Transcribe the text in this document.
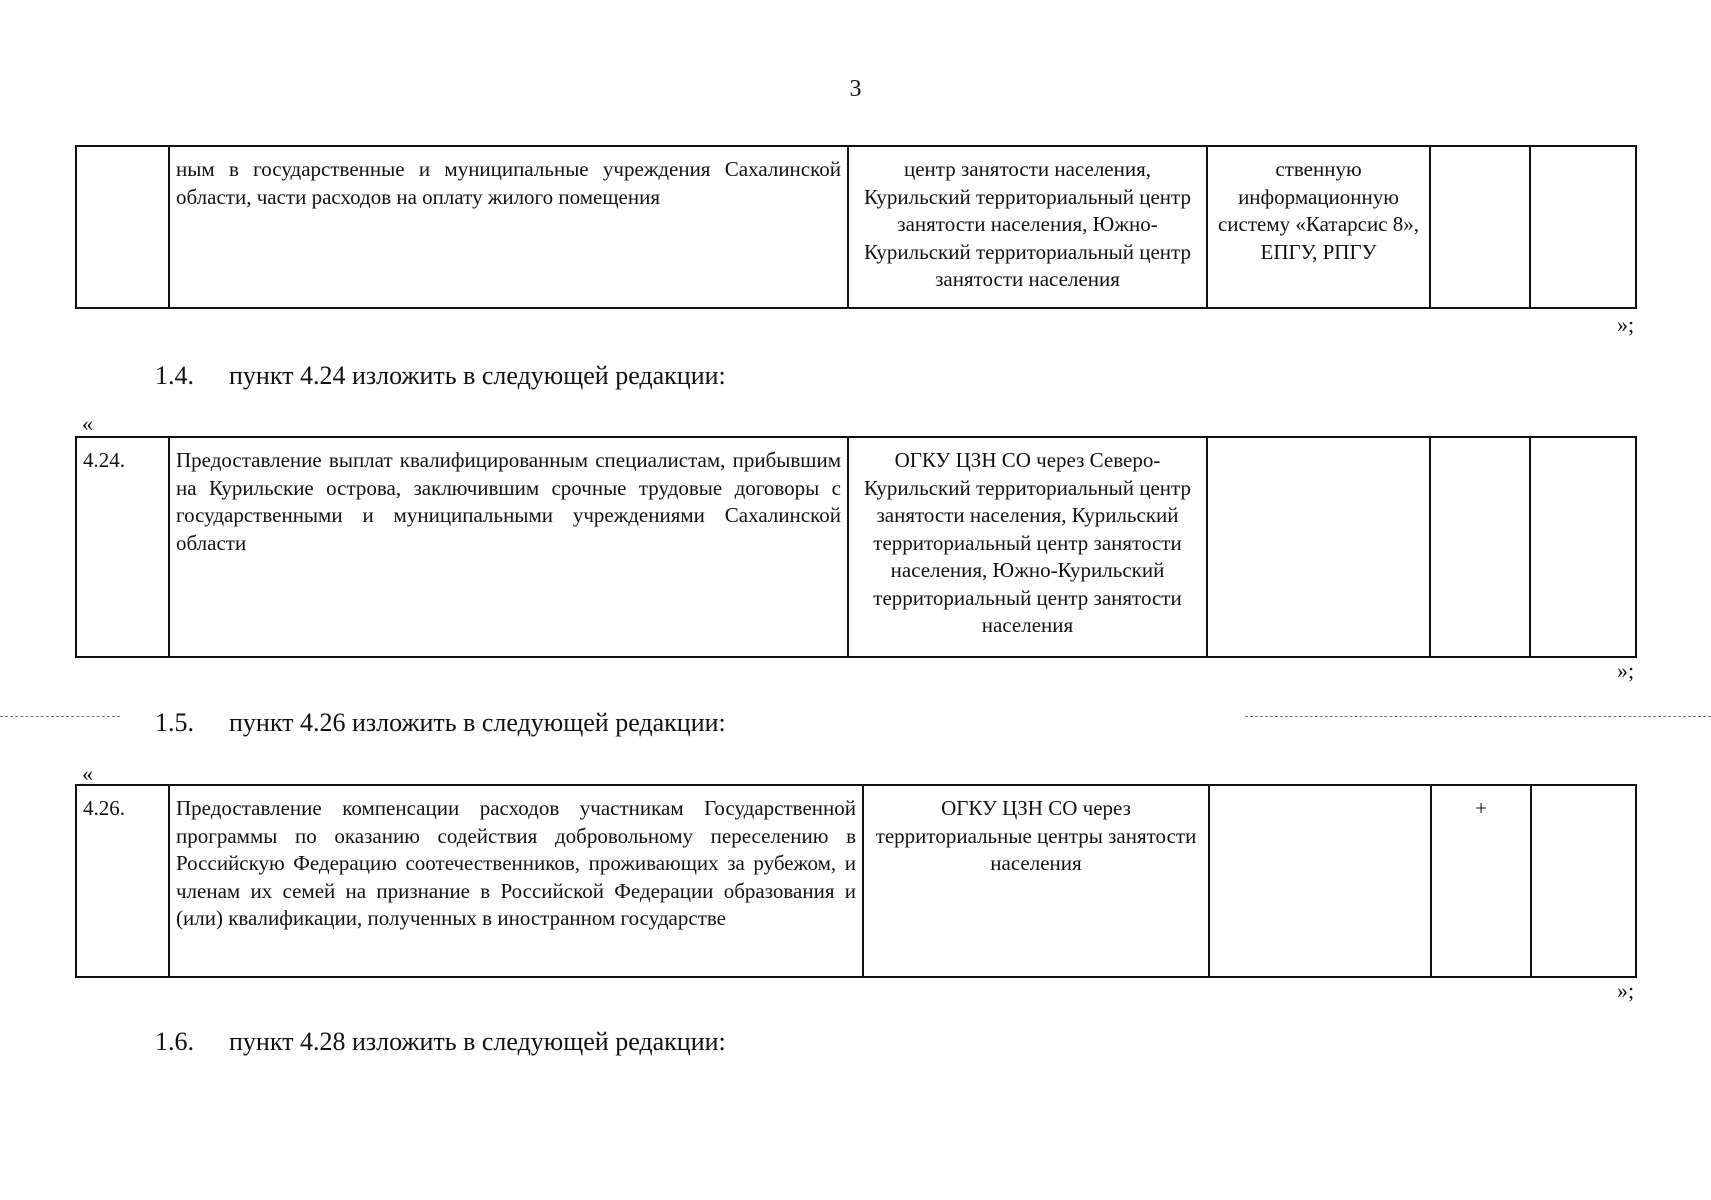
3
	ным в государственные и муниципальные учреждения Сахалинской области, части расходов на оплату жилого помещения	центр занятости населения, Курильский территориальный центр занятости населения, Южно-Курильский территориальный центр занятости населения	ственную информационную систему «Катарсис 8», ЕПГУ, РПГУ		
»;
1.4. пункт 4.24 изложить в следующей редакции:
«
4.24.	Предоставление выплат квалифицированным специалистам, прибывшим на Курильские острова, заключившим срочные трудовые договоры с государственными и муниципальными учреждениями Сахалинской области	ОГКУ ЦЗН СО через Северо-Курильский территориальный центр занятости населения, Курильский территориальный центр занятости населения, Южно-Курильский территориальный центр занятости населения			
»;
1.5. пункт 4.26 изложить в следующей редакции:
«
4.26.	Предоставление компенсации расходов участникам Государственной программы по оказанию содействия добровольному переселению в Российскую Федерацию соотечественников, проживающих за рубежом, и членам их семей на признание в Российской Федерации образования и (или) квалификации, полученных в иностранном государстве	ОГКУ ЦЗН СО через территориальные центры занятости населения		+	
»;
1.6. пункт 4.28 изложить в следующей редакции:
